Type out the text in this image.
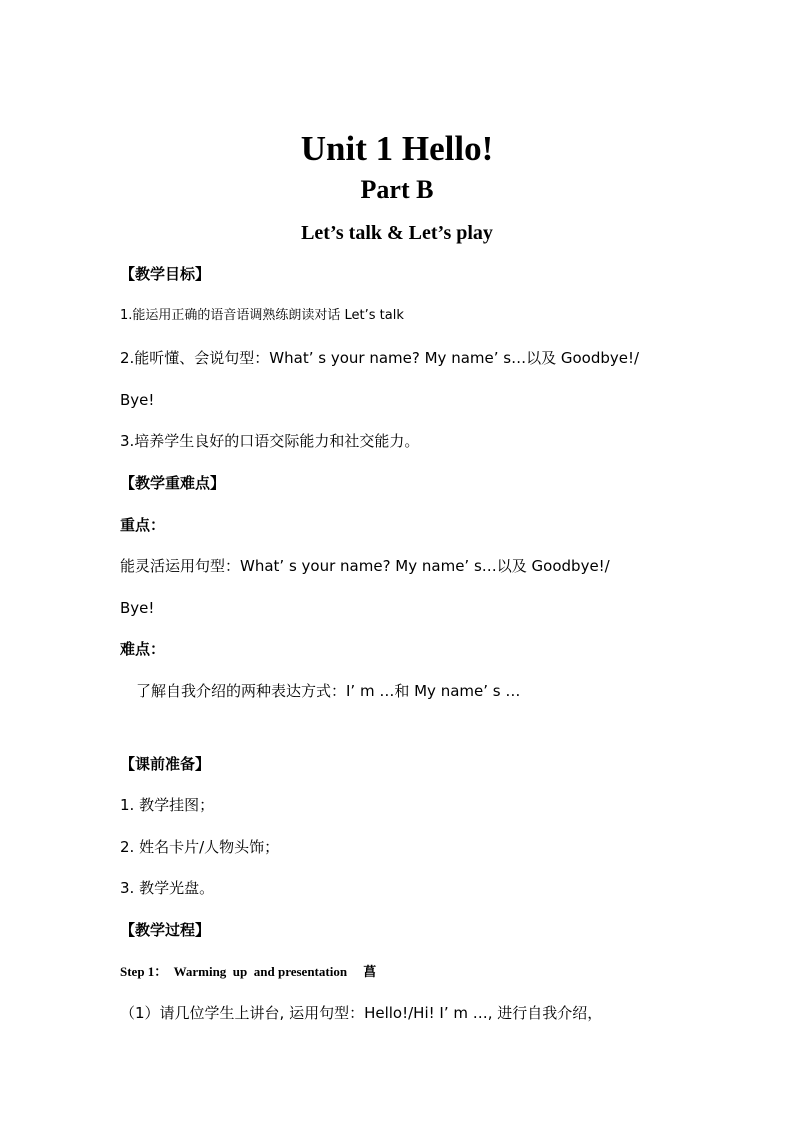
Unit 1 Hello!
Part B
Let’s talk & Let’s play
【教学目标】
1.能运用正确的语音语调熟练朗读对话 Let’s talk
2.能听懂、会说句型：What’ s your name? My name’ s…以及 Goodbye!/
Bye!
3.培养学生良好的口语交际能力和社交能力。
【教学重难点】
重点：
能灵活运用句型：What’ s your name? My name’ s…以及 Goodbye!/
Bye!
难点：
了解自我介绍的两种表达方式：I’ m …和 My name’ s …
【课前准备】
1. 教学挂图；
2. 姓名卡片/人物头饰；
3. 教学光盘。
【教学过程】
Step 1：  Warming  up  and presentation     菖
（1）请几位学生上讲台, 运用句型：Hello!/Hi! I’ m …, 进行自我介绍，
